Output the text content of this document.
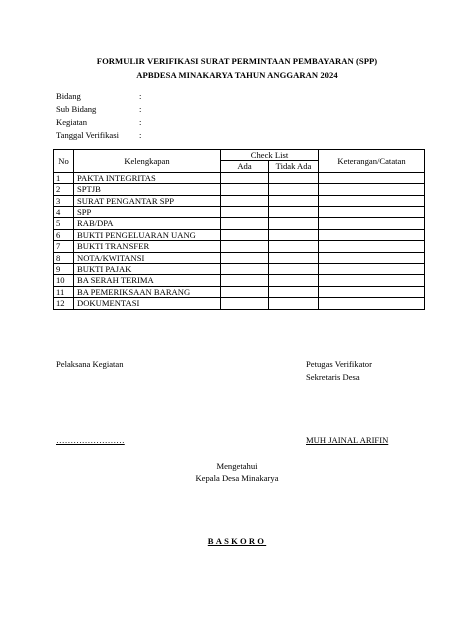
FORMULIR VERIFIKASI SURAT PERMINTAAN PEMBAYARAN (SPP)
APBDESA MINAKARYA TAHUN ANGGARAN 2024
Bidang	:
Sub Bidang	:
Kegiatan	:
Tanggal Verifikasi :
No	Kelengkapan	Check List		Keterangan/Catatan
		Ada	Tidak Ada	
1	PAKTA INTEGRITAS			
2	SPTJB			
3	SURAT PENGANTAR SPP			
4	SPP			
5	RAB/DPA			
6	BUKTI PENGELUARAN UANG			
7	BUKTI TRANSFER			
8	NOTA/KWITANSI			
9	BUKTI PAJAK			
10	BA SERAH TERIMA			
11	BA PEMERIKSAAN BARANG			
12	DOKUMENTASI			
Pelaksana Kegiatan	Petugas Verifikator
Sekretaris Desa
……………………	MUH JAINAL ARIFIN
Mengetahui
Kepala Desa Minakarya
BASKORO
